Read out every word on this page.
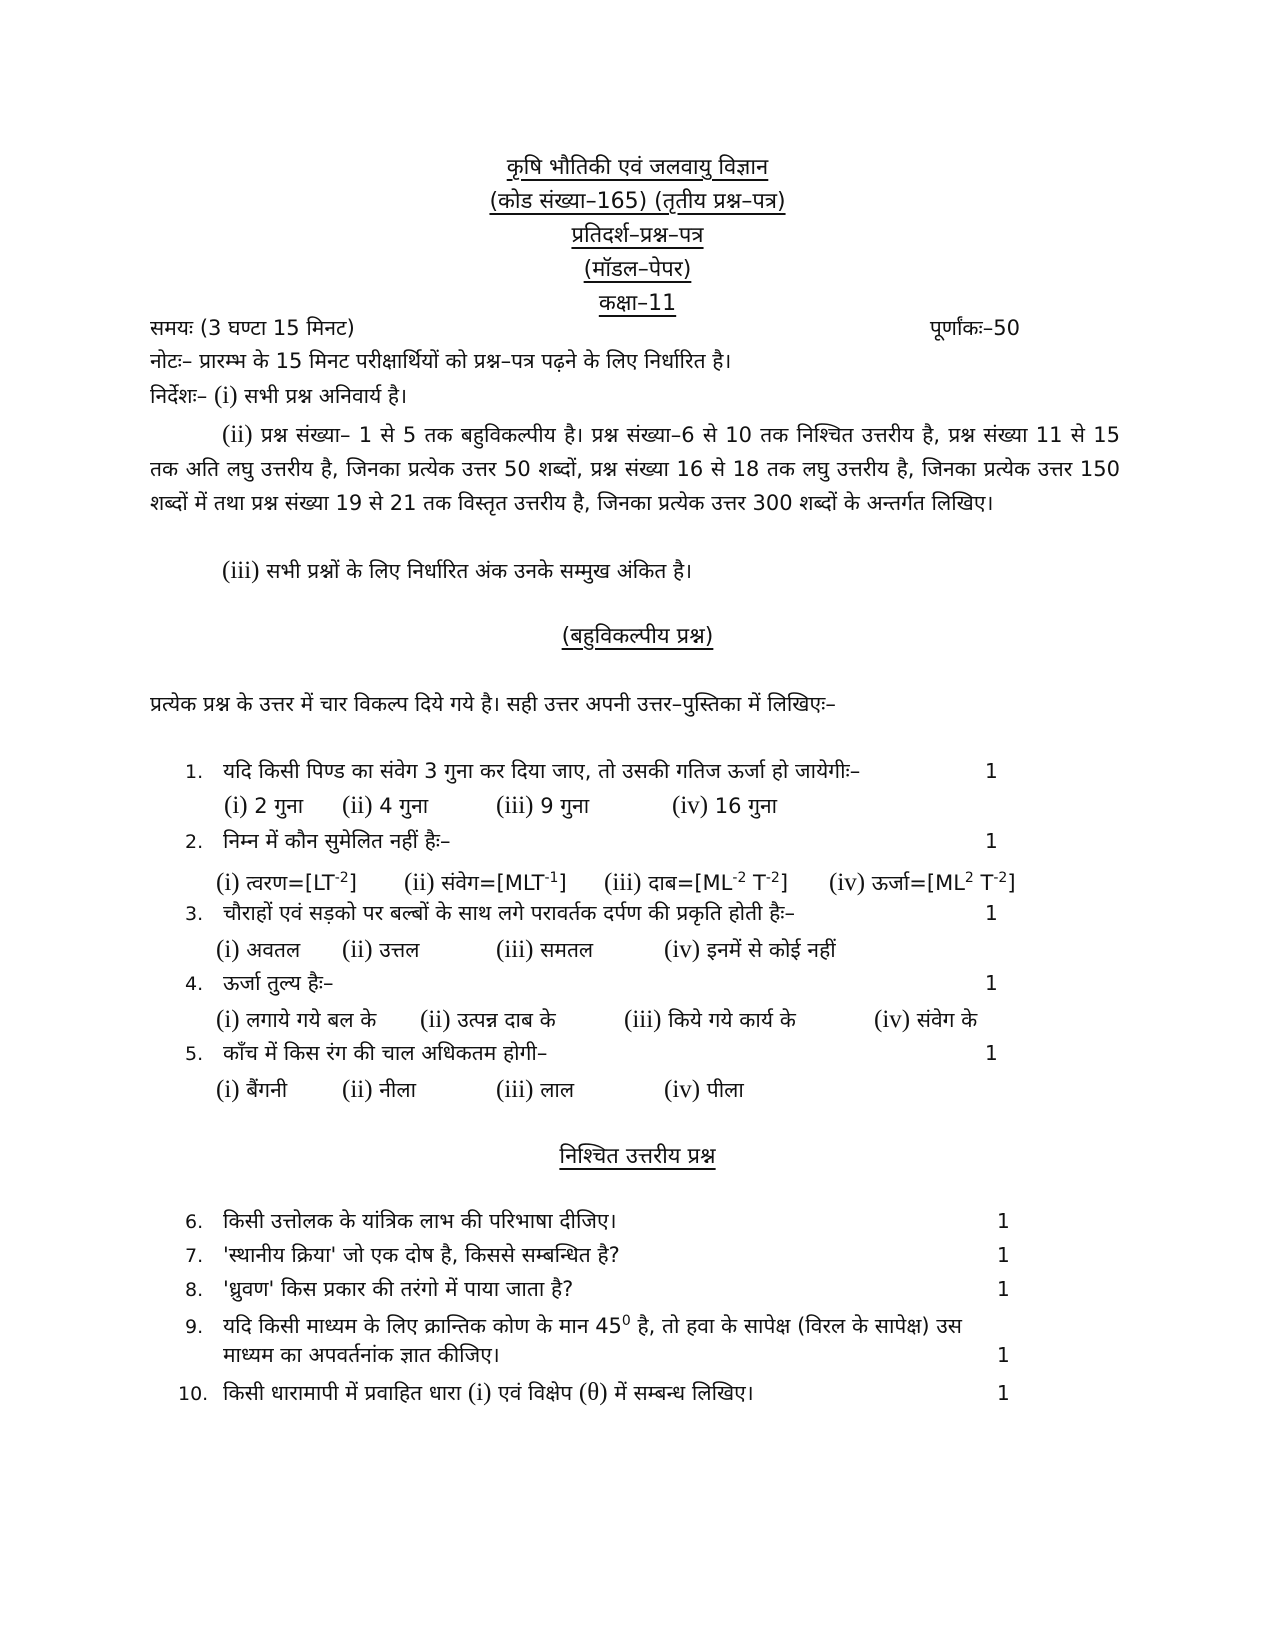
कृषि भौतिकी एवं जलवायु विज्ञान
(कोड संख्या–165) (तृतीय प्रश्न–पत्र)
प्रतिदर्श–प्रश्न–पत्र
(मॉडल–पेपर)
कक्षा–11
समयः (3 घण्टा 15 मिनट)	पूर्णांकः–50
नोटः– प्रारम्भ के 15 मिनट परीक्षार्थियों को प्रश्न–पत्र पढ़ने के लिए निर्धारित है।
निर्देशः– (i) सभी प्रश्न अनिवार्य है।
(ii) प्रश्न संख्या– 1 से 5 तक बहुविकल्पीय है। प्रश्न संख्या–6 से 10 तक निश्चित उत्तरीय है, प्रश्न संख्या 11 से 15 तक अति लघु उत्तरीय है, जिनका प्रत्येक उत्तर 50 शब्दों, प्रश्न संख्या 16 से 18 तक लघु उत्तरीय है, जिनका प्रत्येक उत्तर 150 शब्दों में तथा प्रश्न संख्या 19 से 21 तक विस्तृत उत्तरीय है, जिनका प्रत्येक उत्तर 300 शब्दों के अन्तर्गत लिखिए।
(iii) सभी प्रश्नों के लिए निर्धारित अंक उनके सम्मुख अंकित है।
(बहुविकल्पीय प्रश्न)
प्रत्येक प्रश्न के उत्तर में चार विकल्प दिये गये है। सही उत्तर अपनी उत्तर–पुस्तिका में लिखिएः–
1. यदि किसी पिण्ड का संवेग 3 गुना कर दिया जाए, तो उसकी गतिज ऊर्जा हो जायेगीः–	1
(i) 2 गुना (ii) 4 गुना	(iii) 9 गुना	(iv) 16 गुना
2. निम्न में कौन सुमेलित नहीं हैः–	1
(i) $त्वरण=[LT^{-2}]$ (ii) $संवेग=[MLT^{-1}]$ (iii) $दाब=[ML^{-2}$ $T^{-2}$] (iv) $ऊर्जा=[ML^2$ $T^{-2}$]
3. चौराहों एवं सड़को पर बल्बों के साथ लगे परावर्तक दर्पण की प्रकृति होती हैः–	1
(i) अवतल (ii) उत्तल	(iii) समतल	(iv) इनमें से कोई नहीं
4. ऊर्जा तुल्य हैः–	1
(i) लगाये गये बल के (ii) उत्पन्न दाब के	(iii) किये गये कार्य के	(iv) संवेग के
5. काँच में किस रंग की चाल अधिकतम होगी–	1
(i) बैंगनी (ii) नीला	(iii) लाल	(iv) पीला
निश्चित उत्तरीय प्रश्न
6. किसी उत्तोलक के यांत्रिक लाभ की परिभाषा दीजिए।	1
7. 'स्थानीय क्रिया' जो एक दोष है, किससे सम्बन्धित है?	1
8. 'ध्रुवण' किस प्रकार की तरंगो में पाया जाता है?	1
9. यदि किसी माध्यम के लिए क्रान्तिक कोण के मान $45^0$ है, तो हवा के सापेक्ष (विरल के सापेक्ष) उस
माध्यम का अपवर्तनांक ज्ञात कीजिए।	1
10. किसी धारामापी में प्रवाहित धारा (i) एवं विक्षेप (θ) में सम्बन्ध लिखिए।	1
